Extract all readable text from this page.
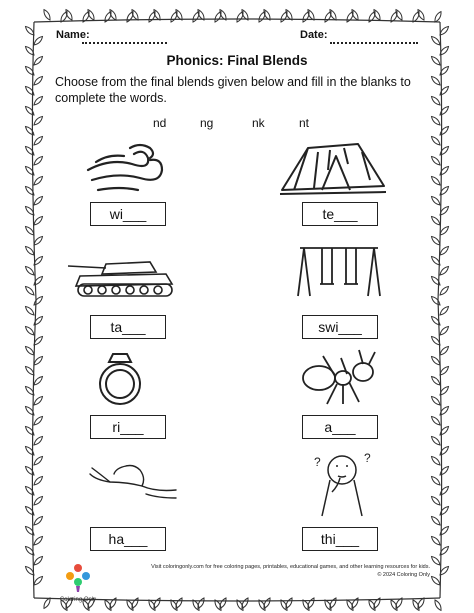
Name:	Date:
Phonics: Final Blends
Choose from the final blends given below and fill in the blanks to complete the words.
nd	ng	nk	nt
wi___	te___
ta___	swi___
ri___	a___
?	?
ha___	thi___
Coloring Only
Visit coloringonly.com for free coloring pages, printables, educational games, and other learning resources for kids.
© 2024 Coloring Only
